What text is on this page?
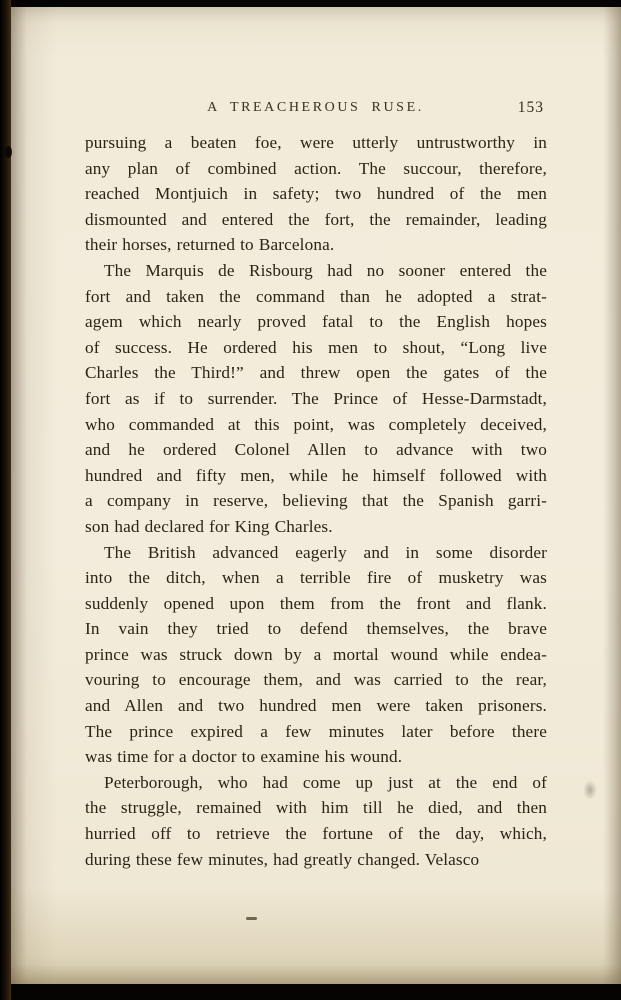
A TREACHEROUS RUSE.	153
pursuing a beaten foe, were utterly untrustworthy in
any plan of combined action. The succour, therefore,
reached Montjuich in safety; two hundred of the men
dismounted and entered the fort, the remainder, leading
their horses, returned to Barcelona.
The Marquis de Risbourg had no sooner entered the
fort and taken the command than he adopted a strat-
agem which nearly proved fatal to the English hopes
of success. He ordered his men to shout, “Long live
Charles the Third!” and threw open the gates of the
fort as if to surrender. The Prince of Hesse-Darmstadt,
who commanded at this point, was completely deceived,
and he ordered Colonel Allen to advance with two
hundred and fifty men, while he himself followed with
a company in reserve, believing that the Spanish garri-
son had declared for King Charles.
The British advanced eagerly and in some disorder
into the ditch, when a terrible fire of musketry was
suddenly opened upon them from the front and flank.
In vain they tried to defend themselves, the brave
prince was struck down by a mortal wound while endea-
vouring to encourage them, and was carried to the rear,
and Allen and two hundred men were taken prisoners.
The prince expired a few minutes later before there
was time for a doctor to examine his wound.
Peterborough, who had come up just at the end of
the struggle, remained with him till he died, and then
hurried off to retrieve the fortune of the day, which,
during these few minutes, had greatly changed. Velasco
